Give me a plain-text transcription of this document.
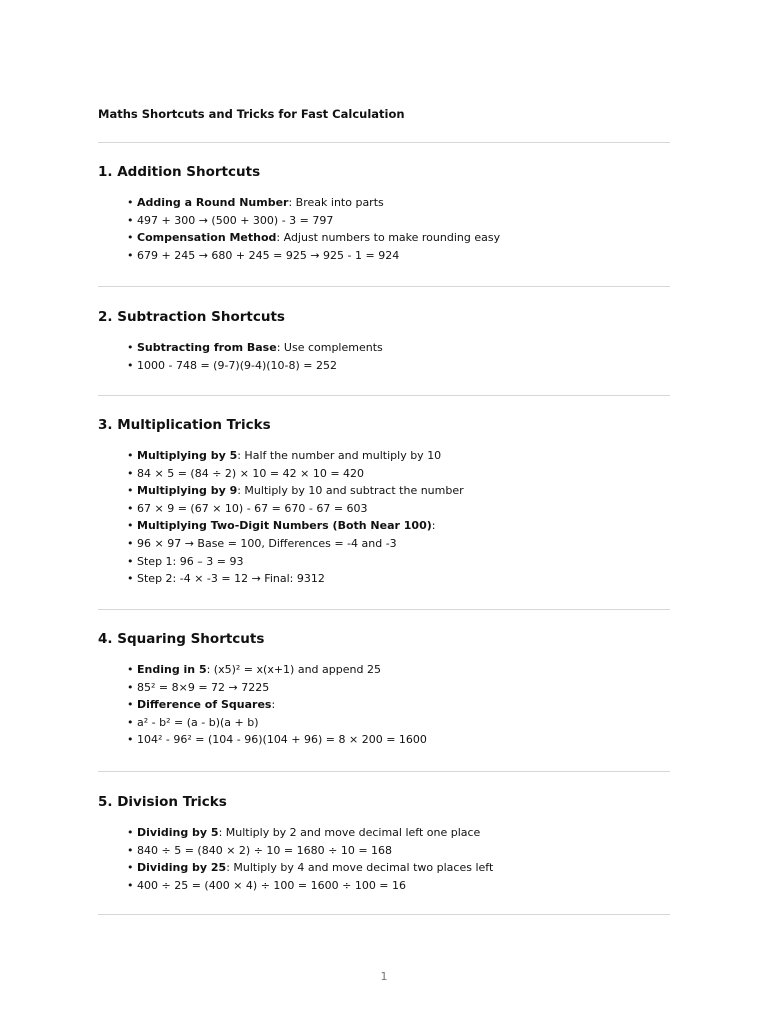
Maths Shortcuts and Tricks for Fast Calculation
1. Addition Shortcuts
• Adding a Round Number: Break into parts
• 497 + 300 → (500 + 300) - 3 = 797
• Compensation Method: Adjust numbers to make rounding easy
• 679 + 245 → 680 + 245 = 925 → 925 - 1 = 924
2. Subtraction Shortcuts
• Subtracting from Base: Use complements
• 1000 - 748 = (9-7)(9-4)(10-8) = 252
3. Multiplication Tricks
• Multiplying by 5: Half the number and multiply by 10
• 84 × 5 = (84 ÷ 2) × 10 = 42 × 10 = 420
• Multiplying by 9: Multiply by 10 and subtract the number
• 67 × 9 = (67 × 10) - 67 = 670 - 67 = 603
• Multiplying Two-Digit Numbers (Both Near 100):
• 96 × 97 → Base = 100, Differences = -4 and -3
• Step 1: 96 – 3 = 93
• Step 2: -4 × -3 = 12 → Final: 9312
4. Squaring Shortcuts
• Ending in 5: (x5)² = x(x+1) and append 25
• 85² = 8×9 = 72 → 7225
• Difference of Squares:
• a² - b² = (a - b)(a + b)
• 104² - 96² = (104 - 96)(104 + 96) = 8 × 200 = 1600
5. Division Tricks
• Dividing by 5: Multiply by 2 and move decimal left one place
• 840 ÷ 5 = (840 × 2) ÷ 10 = 1680 ÷ 10 = 168
• Dividing by 25: Multiply by 4 and move decimal two places left
• 400 ÷ 25 = (400 × 4) ÷ 100 = 1600 ÷ 100 = 16
1
